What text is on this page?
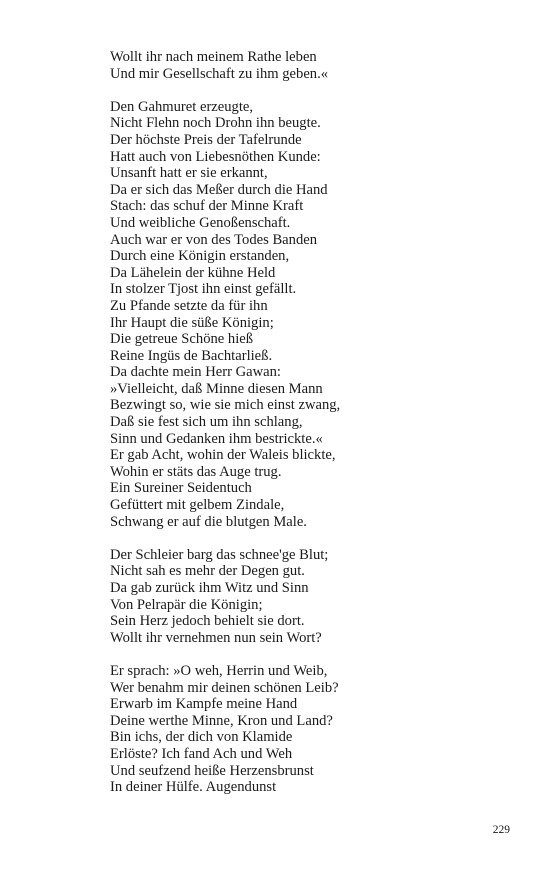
Wollt ihr nach meinem Rathe leben
Und mir Gesellschaft zu ihm geben.«
Den Gahmuret erzeugte,
Nicht Flehn noch Drohn ihn beugte.
Der höchste Preis der Tafelrunde
Hatt auch von Liebesnöthen Kunde:
Unsanft hatt er sie erkannt,
Da er sich das Meßer durch die Hand
Stach: das schuf der Minne Kraft
Und weibliche Genoßenschaft.
Auch war er von des Todes Banden
Durch eine Königin erstanden,
Da Lähelein der kühne Held
In stolzer Tjost ihn einst gefällt.
Zu Pfande setzte da für ihn
Ihr Haupt die süße Königin;
Die getreue Schöne hieß
Reine Ingüs de Bachtarließ.
Da dachte mein Herr Gawan:
»Vielleicht, daß Minne diesen Mann
Bezwingt so, wie sie mich einst zwang,
Daß sie fest sich um ihn schlang,
Sinn und Gedanken ihm bestrickte.«
Er gab Acht, wohin der Waleis blickte,
Wohin er stäts das Auge trug.
Ein Sureiner Seidentuch
Gefüttert mit gelbem Zindale,
Schwang er auf die blutgen Male.
Der Schleier barg das schnee'ge Blut;
Nicht sah es mehr der Degen gut.
Da gab zurück ihm Witz und Sinn
Von Pelrapär die Königin;
Sein Herz jedoch behielt sie dort.
Wollt ihr vernehmen nun sein Wort?
Er sprach: »O weh, Herrin und Weib,
Wer benahm mir deinen schönen Leib?
Erwarb im Kampfe meine Hand
Deine werthe Minne, Kron und Land?
Bin ichs, der dich von Klamide
Erlöste? Ich fand Ach und Weh
Und seufzend heiße Herzensbrunst
In deiner Hülfe. Augendunst
229
